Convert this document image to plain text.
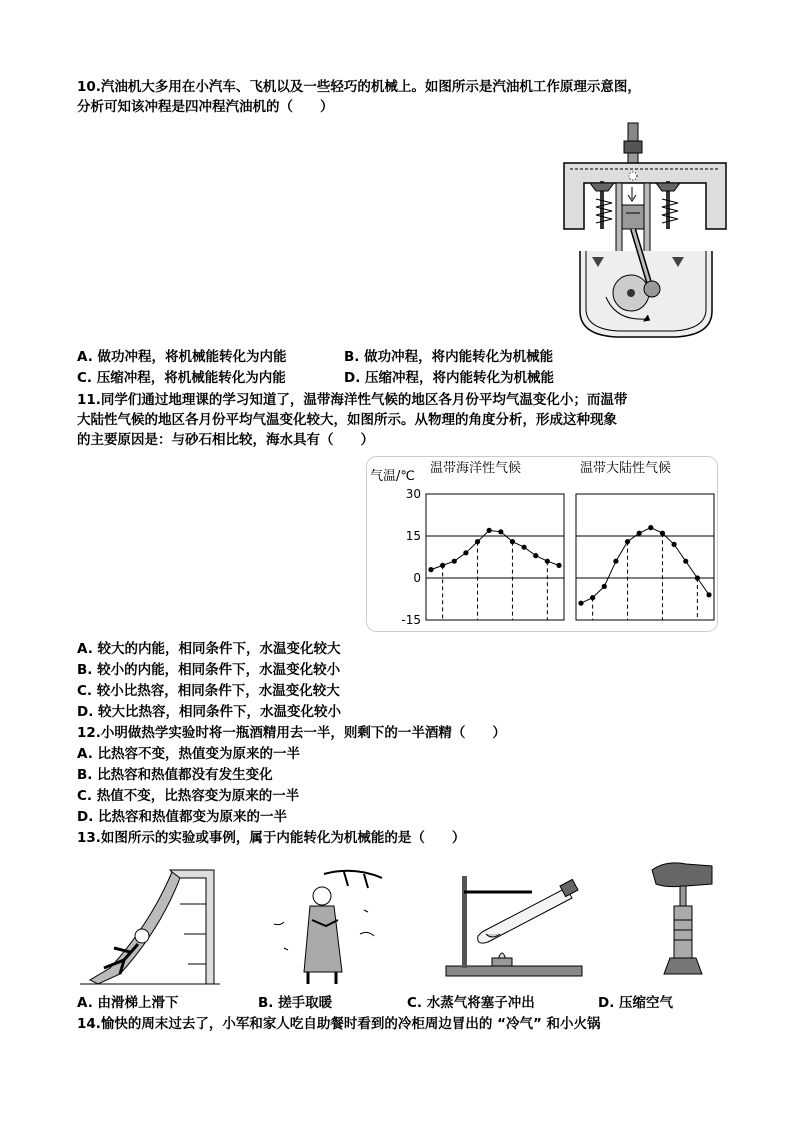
10.汽油机大多用在小汽车、飞机以及一些轻巧的机械上。如图所示是汽油机工作原理示意图，
分析可知该冲程是四冲程汽油机的（　　）
A. 做功冲程，将机械能转化为内能	B. 做功冲程，将内能转化为机械能
C. 压缩冲程，将机械能转化为内能	D. 压缩冲程，将内能转化为机械能
11.同学们通过地理课的学习知道了，温带海洋性气候的地区各月份平均气温变化小；而温带
大陆性气候的地区各月份平均气温变化较大，如图所示。从物理的角度分析，形成这种现象
的主要原因是：与砂石相比较，海水具有（　　）
气温/℃
温带海洋性气候	温带大陆性气候
30
15
0
-15
A. 较大的内能，相同条件下，水温变化较大
B. 较小的内能，相同条件下，水温变化较小
C. 较小比热容，相同条件下，水温变化较大
D. 较大比热容，相同条件下，水温变化较小
12.小明做热学实验时将一瓶酒精用去一半，则剩下的一半酒精（　　）
A. 比热容不变，热值变为原来的一半
B. 比热容和热值都没有发生变化
C. 热值不变，比热容变为原来的一半
D. 比热容和热值都变为原来的一半
13.如图所示的实验或事例，属于内能转化为机械能的是（　　）
A. 由滑梯上滑下	B. 搓手取暖	C. 水蒸气将塞子冲出	D. 压缩空气
14.愉快的周末过去了，小军和家人吃自助餐时看到的冷柜周边冒出的 “冷气” 和小火锅
